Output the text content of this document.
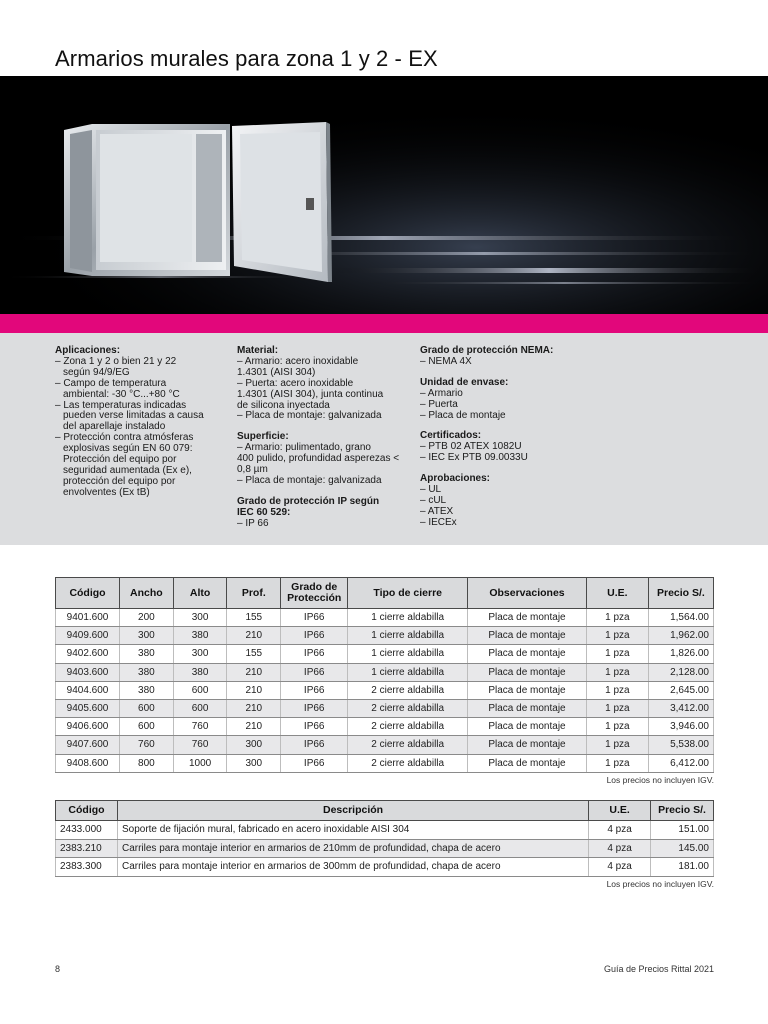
Armarios murales para zona 1 y 2 - EX
Aplicaciones:
– Zona 1 y 2 o bien 21 y 22
según 94/9/EG
– Campo de temperatura
ambiental: -30 °C...+80 °C
– Las temperaturas indicadas
pueden verse limitadas a causa
del aparellaje instalado
– Protección contra atmósferas
explosivas según EN 60 079:
Protección del equipo por
seguridad aumentada (Ex e),
protección del equipo por
envolventes (Ex tB)
Material:
– Armario: acero inoxidable
1.4301 (AISI 304)
– Puerta: acero inoxidable
1.4301 (AISI 304), junta continua
de silicona inyectada
– Placa de montaje: galvanizada
Superficie:
– Armario: pulimentado, grano
400 pulido, profundidad asperezas <
0,8 µm
– Placa de montaje: galvanizada
Grado de protección IP según
IEC 60 529:
– IP 66
Grado de protección NEMA:
– NEMA 4X
Unidad de envase:
– Armario
– Puerta
– Placa de montaje
Certificados:
– PTB 02 ATEX 1082U
– IEC Ex PTB 09.0033U
Aprobaciones:
– UL
– cUL
– ATEX
– IECEx
Código	Ancho	Alto	Prof.	Grado de Protección	Tipo de cierre	Observaciones	U.E.	Precio S/.
9401.600	200	300	155	IP66	1 cierre aldabilla	Placa de montaje	1 pza	1,564.00
9409.600	300	380	210	IP66	1 cierre aldabilla	Placa de montaje	1 pza	1,962.00
9402.600	380	300	155	IP66	1 cierre aldabilla	Placa de montaje	1 pza	1,826.00
9403.600	380	380	210	IP66	1 cierre aldabilla	Placa de montaje	1 pza	2,128.00
9404.600	380	600	210	IP66	2 cierre aldabilla	Placa de montaje	1 pza	2,645.00
9405.600	600	600	210	IP66	2 cierre aldabilla	Placa de montaje	1 pza	3,412.00
9406.600	600	760	210	IP66	2 cierre aldabilla	Placa de montaje	1 pza	3,946.00
9407.600	760	760	300	IP66	2 cierre aldabilla	Placa de montaje	1 pza	5,538.00
9408.600	800	1000	300	IP66	2 cierre aldabilla	Placa de montaje	1 pza	6,412.00
Los precios no incluyen IGV.
Código	Descripción	U.E.	Precio S/.
2433.000	Soporte de fijación mural, fabricado en acero inoxidable AISI 304	4 pza	151.00
2383.210	Carriles para montaje interior en armarios de 210mm de profundidad, chapa de acero	4 pza	145.00
2383.300	Carriles para montaje interior en armarios de 300mm de profundidad, chapa de acero	4 pza	181.00
Los precios no incluyen IGV.
8	Guía de Precios Rittal 2021
